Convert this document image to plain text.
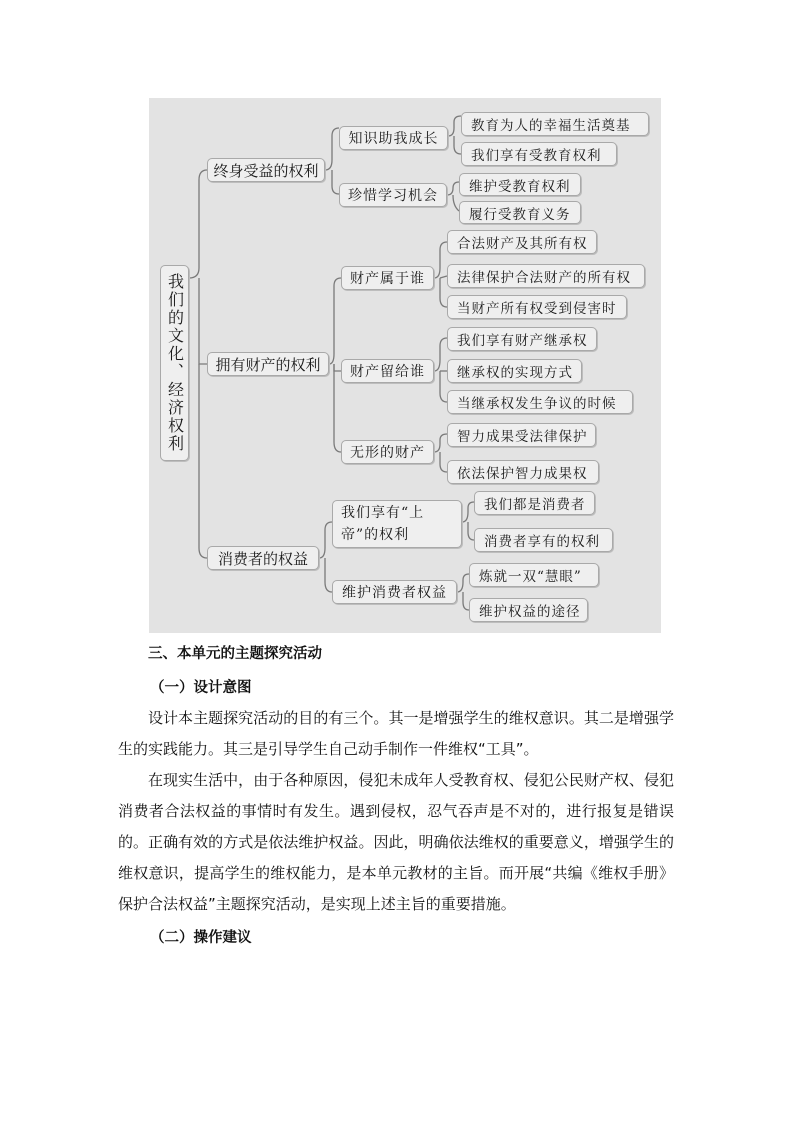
我们的文化、经济权利
终身受益的权利
拥有财产的权利
消费者的权益
知识助我成长
珍惜学习机会
财产属于谁
财产留给谁
无形的财产
我们享有“上帝”的权利
维护消费者权益
教育为人的幸福生活奠基
我们享有受教育权利
维护受教育权利
履行受教育义务
合法财产及其所有权
法律保护合法财产的所有权
当财产所有权受到侵害时
我们享有财产继承权
继承权的实现方式
当继承权发生争议的时候
智力成果受法律保护
依法保护智力成果权
我们都是消费者
消费者享有的权利
炼就一双“慧眼”
维护权益的途径
三、本单元的主题探究活动
（一）设计意图

设计本主题探究活动的目的有三个。其一是增强学生的维权意识。其二是增强学生的实践能力。其三是引导学生自己动手制作一件维权“工具”。

在现实生活中，由于各种原因，侵犯未成年人受教育权、侵犯公民财产权、侵犯消费者合法权益的事情时有发生。遇到侵权，忍气吞声是不对的，进行报复是错误的。正确有效的方式是依法维护权益。因此，明确依法维权的重要意义，增强学生的维权意识，提高学生的维权能力，是本单元教材的主旨。而开展“共编《维权手册》保护合法权益”主题探究活动，是实现上述主旨的重要措施。

（二）操作建议
